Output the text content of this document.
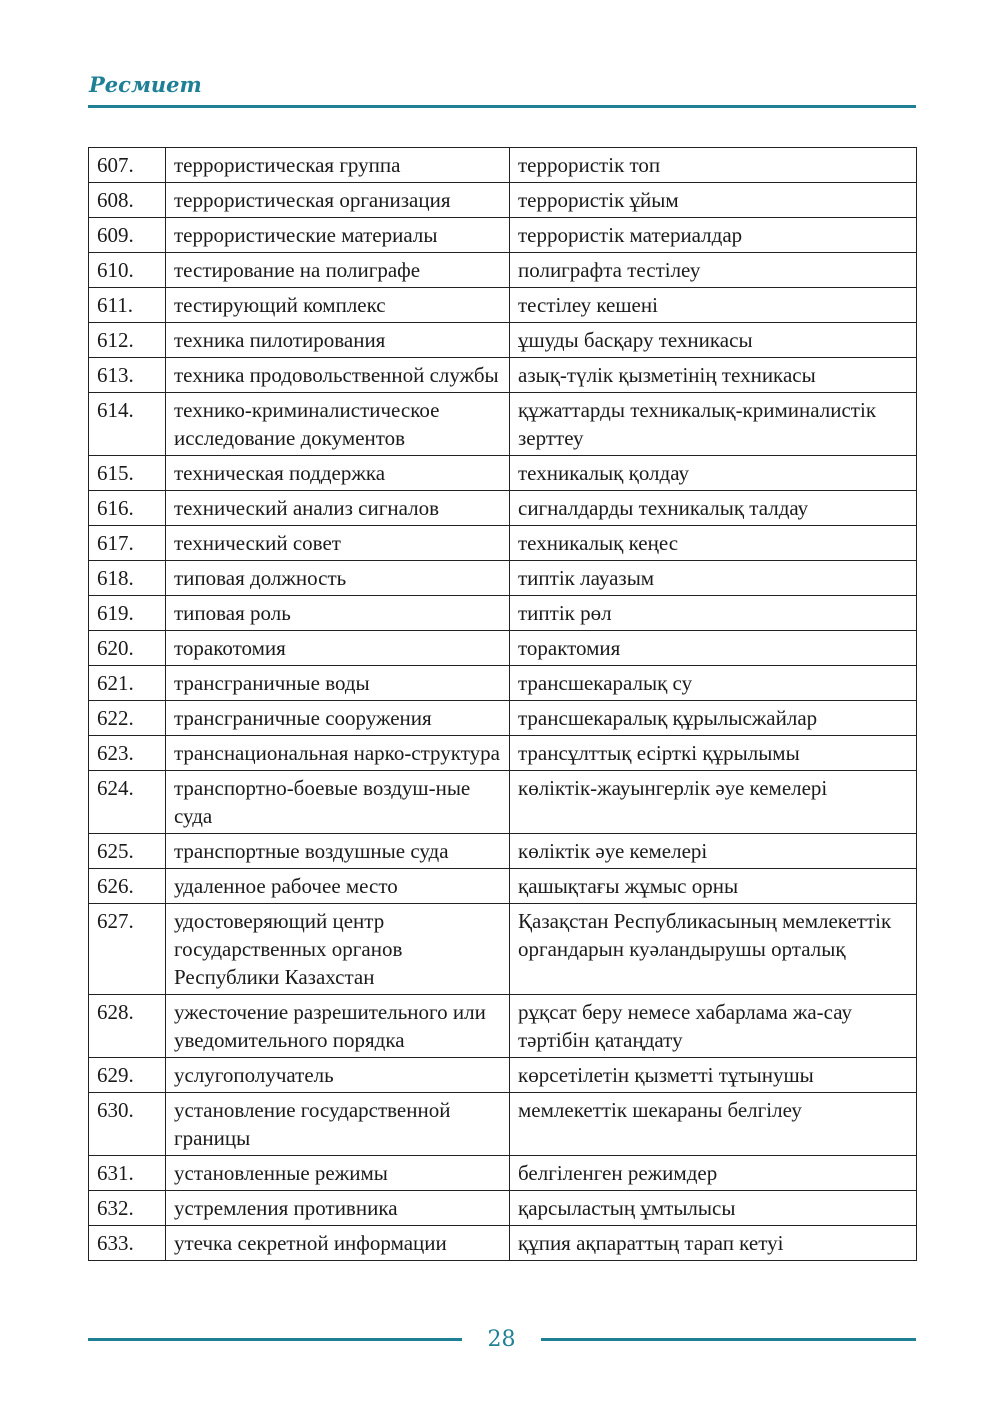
Ресмиет
607.	террористическая группа	террористік топ
608.	террористическая организация	террористік ұйым
609.	террористические материалы	террористік материалдар
610.	тестирование на полиграфе	полиграфта тестілеу
611.	тестирующий комплекс	тестілеу кешені
612.	техника пилотирования	ұшуды басқару техникасы
613.	техника продовольственной службы	азық-түлік қызметінің техникасы
614.	технико-криминалистическое исследование документов	құжаттарды техникалық-криминалистік зерттеу
615.	техническая поддержка	техникалық қолдау
616.	технический анализ сигналов	сигналдарды техникалық талдау
617.	технический совет	техникалық кеңес
618.	типовая должность	типтік лауазым
619.	типовая роль	типтік рөл
620.	торакотомия	торактомия
621.	трансграничные воды	трансшекаралық су
622.	трансграничные сооружения	трансшекаралық құрылысжайлар
623.	транснациональная нарко-структура	трансұлттық есірткі құрылымы
624.	транспортно-боевые воздуш-ные суда	көліктік-жауынгерлік әуе кемелері
625.	транспортные воздушные суда	көліктік әуе кемелері
626.	удаленное рабочее место	қашықтағы жұмыс орны
627.	удостоверяющий центр государственных органов Республики Казахстан	Қазақстан Республикасының мемлекеттік органдарын куәландырушы орталық
628.	ужесточение разрешительного или уведомительного порядка	рұқсат беру немесе хабарлама жа-сау тәртібін қатаңдату
629.	услугополучатель	көрсетілетін қызметті тұтынушы
630.	установление государственной границы	мемлекеттік шекараны белгілеу
631.	установленные режимы	белгіленген режимдер
632.	устремления противника	қарсыластың ұмтылысы
633.	утечка секретной информации	құпия ақпараттың тарап кетуі
28
